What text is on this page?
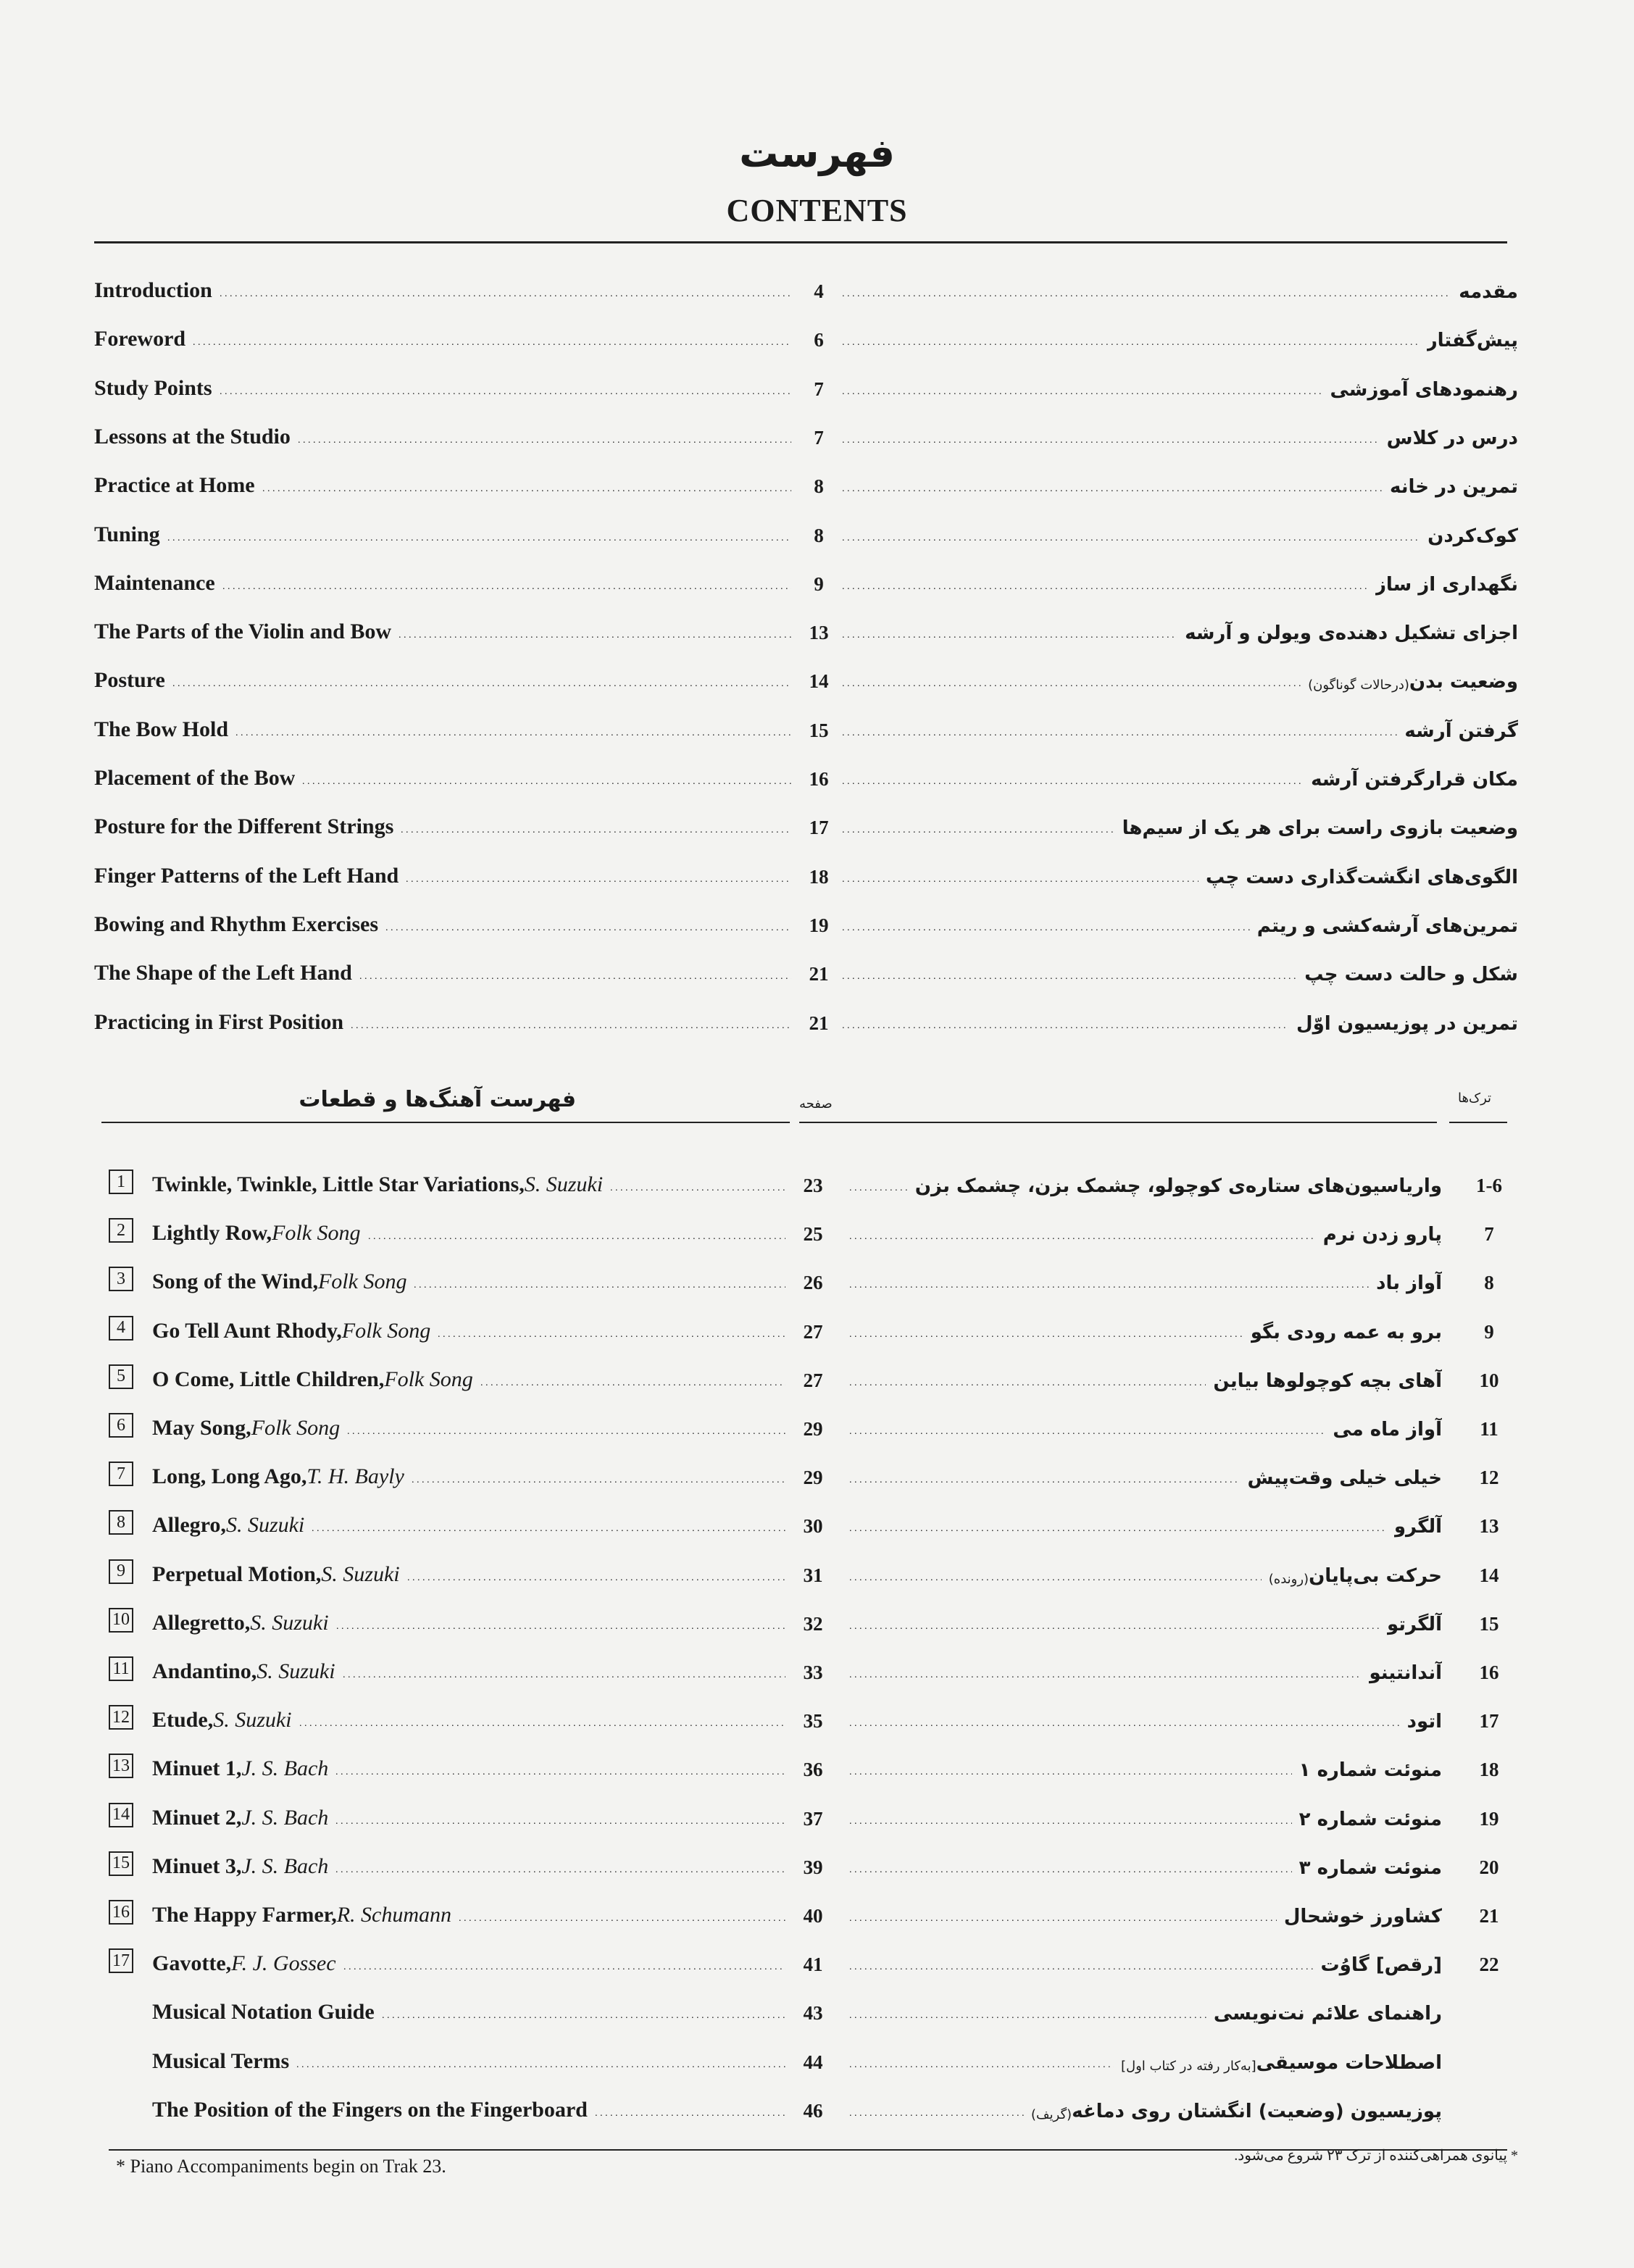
فهرست
CONTENTS
Introduction . . .	4 . . .	مقدمه
Foreword . . .	6 . . .	پیش‌گفتار
Study Points . . .	7 . . .	رهنمودهای آموزشی
Lessons at the Studio . . .	7 . . .	درس در کلاس
Practice at Home . . .	8 . . .	تمرین در خانه
Tuning . . .	8 . . .	کوک‌کردن
Maintenance . . .	9 . . .	نگهداری از ساز
The Parts of the Violin and Bow . . .	13 . . .	اجزای تشکیل دهنده‌ی ویولن و آرشه
Posture . . .	14 . . .	وضعیت بدن
(درحالات گوناگون)
The Bow Hold . . .	15 . . .	گرفتن آرشه
Placement of the Bow . . .	16 . . .	مکان قرارگرفتن آرشه
Posture for the Different Strings . . .	17 . . .	وضعیت بازوی راست برای هر یک از سیم‌ها
Finger Patterns of the Left Hand . . .	18 . . .	الگوی‌های انگشت‌گذاری دست چپ
Bowing and Rhythm Exercises . . .	19 . . .	تمرین‌های آرشه‌کشی و ریتم
The Shape of the Left Hand . . .	21 . . .	شکل و حالت دست چپ
Practicing in First Position . . .	21 . . .	تمرین در پوزیسیون اوّل
فهرست آهنگ‌ها و قطعات	صفحه	ترک‌ها
1	Twinkle, Twinkle, Little Star Variations, S. Suzuki . . .	23 . . .	واریاسیون‌های ستاره‌ی کوچولو، چشمک بزن، چشمک بزن	1-6
2	Lightly Row, Folk Song . . .	25 . . .	پارو زدن نرم	7
3	Song of the Wind, Folk Song . . .	26 . . .	آواز باد	8
4	Go Tell Aunt Rhody, Folk Song . . .	27 . . .	برو به عمه رودی بگو	9
5	O Come, Little Children, Folk Song . . .	27 . . .	آهای بچه کوچولوها بیاین	10
6	May Song, Folk Song . . .	29 . . .	آواز ماه می	11
7	Long, Long Ago, T. H. Bayly . . .	29 . . .	خیلی خیلی وقت‌پیش	12
8	Allegro, S. Suzuki . . .	30 . . .	آلگرو	13
9	Perpetual Motion, S. Suzuki . . .	31 . . .	حرکت بی‌پایان
(رونده)	14
10 Allegretto, S. Suzuki . . .	32 . . .	آلگرتو	15
11 Andantino, S. Suzuki . . .	33 . . .	آندانتینو	16
12 Etude, S. Suzuki . . .	35 . . .	اتود	17
13 Minuet 1, J. S. Bach . . .	36 . . .	منوئت شماره ۱	18
14 Minuet 2, J. S. Bach . . .	37 . . .	منوئت شماره ۲	19
15 Minuet 3, J. S. Bach . . .	39 . . .	منوئت شماره ۳	20
16 The Happy Farmer, R. Schumann . . .	40 . . .	کشاورز خوشحال	21
17 Gavotte, F. J. Gossec . . .	41 . . .	[رقص] گاوُت	22
Musical Notation Guide . . .	43 . . .	راهنمای علائم نت‌نویسی
Musical Terms . . .	44 . . .	اصطلاحات موسیقی
[به‌کار رفته در کتاب اول]
The Position of the Fingers on the Fingerboard . . .	46 . . .	پوزیسیون (وضعیت) انگشتان روی دماغه
(گریف)
* Piano Accompaniments begin on Trak 23.	* پیانو‌ی همراهی‌کننده از ترک ۲۳ شروع می‌شود.
